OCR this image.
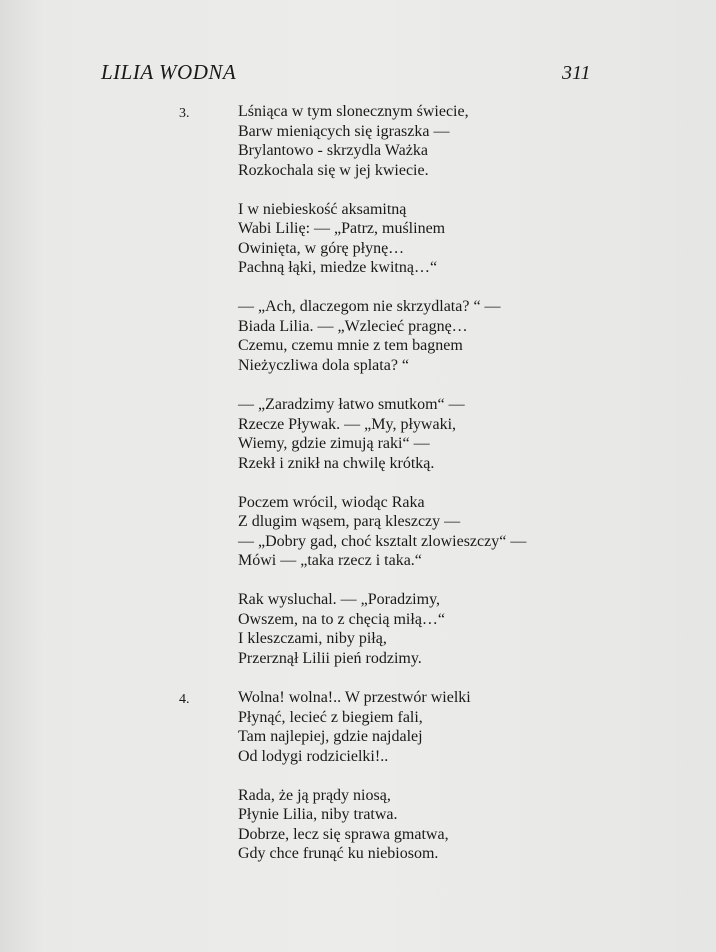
LILIA WODNA	311
3.	Lśniąca w tym slonecznym świecie,
Barw mieniących się igraszka —
Brylantowo - skrzydla Ważka
Rozkochala się w jej kwiecie.
I w niebieskość aksamitną
Wabi Lilię: — „Patrz, muślinem
Owinięta, w górę płynę…
Pachną łąki, miedze kwitną…“
— „Ach, dlaczegom nie skrzydlata? “ —
Biada Lilia. — „Wzlecieć pragnę…
Czemu, czemu mnie z tem bagnem
Nieżyczliwa dola splata? “
— „Zaradzimy łatwo smutkom“ —
Rzecze Pływak. — „My, pływaki,
Wiemy, gdzie zimują raki“ —
Rzekł i znikł na chwilę krótką.
Poczem wrócil, wiodąc Raka
Z dlugim wąsem, parą kleszczy —
— „Dobry gad, choć ksztalt zlowieszczy“ —
Mówi — „taka rzecz i taka.“
Rak wysluchal. — „Poradzimy,
Owszem, na to z chęcią miłą…“
I kleszczami, niby piłą,
Przerznął Lilii pień rodzimy.
4.	Wolna! wolna!.. W przestwór wielki
Płynąć, lecieć z biegiem fali,
Tam najlepiej, gdzie najdalej
Od lodygi rodzicielki!..
Rada, że ją prądy niosą,
Płynie Lilia, niby tratwa.
Dobrze, lecz się sprawa gmatwa,
Gdy chce frunąć ku niebiosom.
